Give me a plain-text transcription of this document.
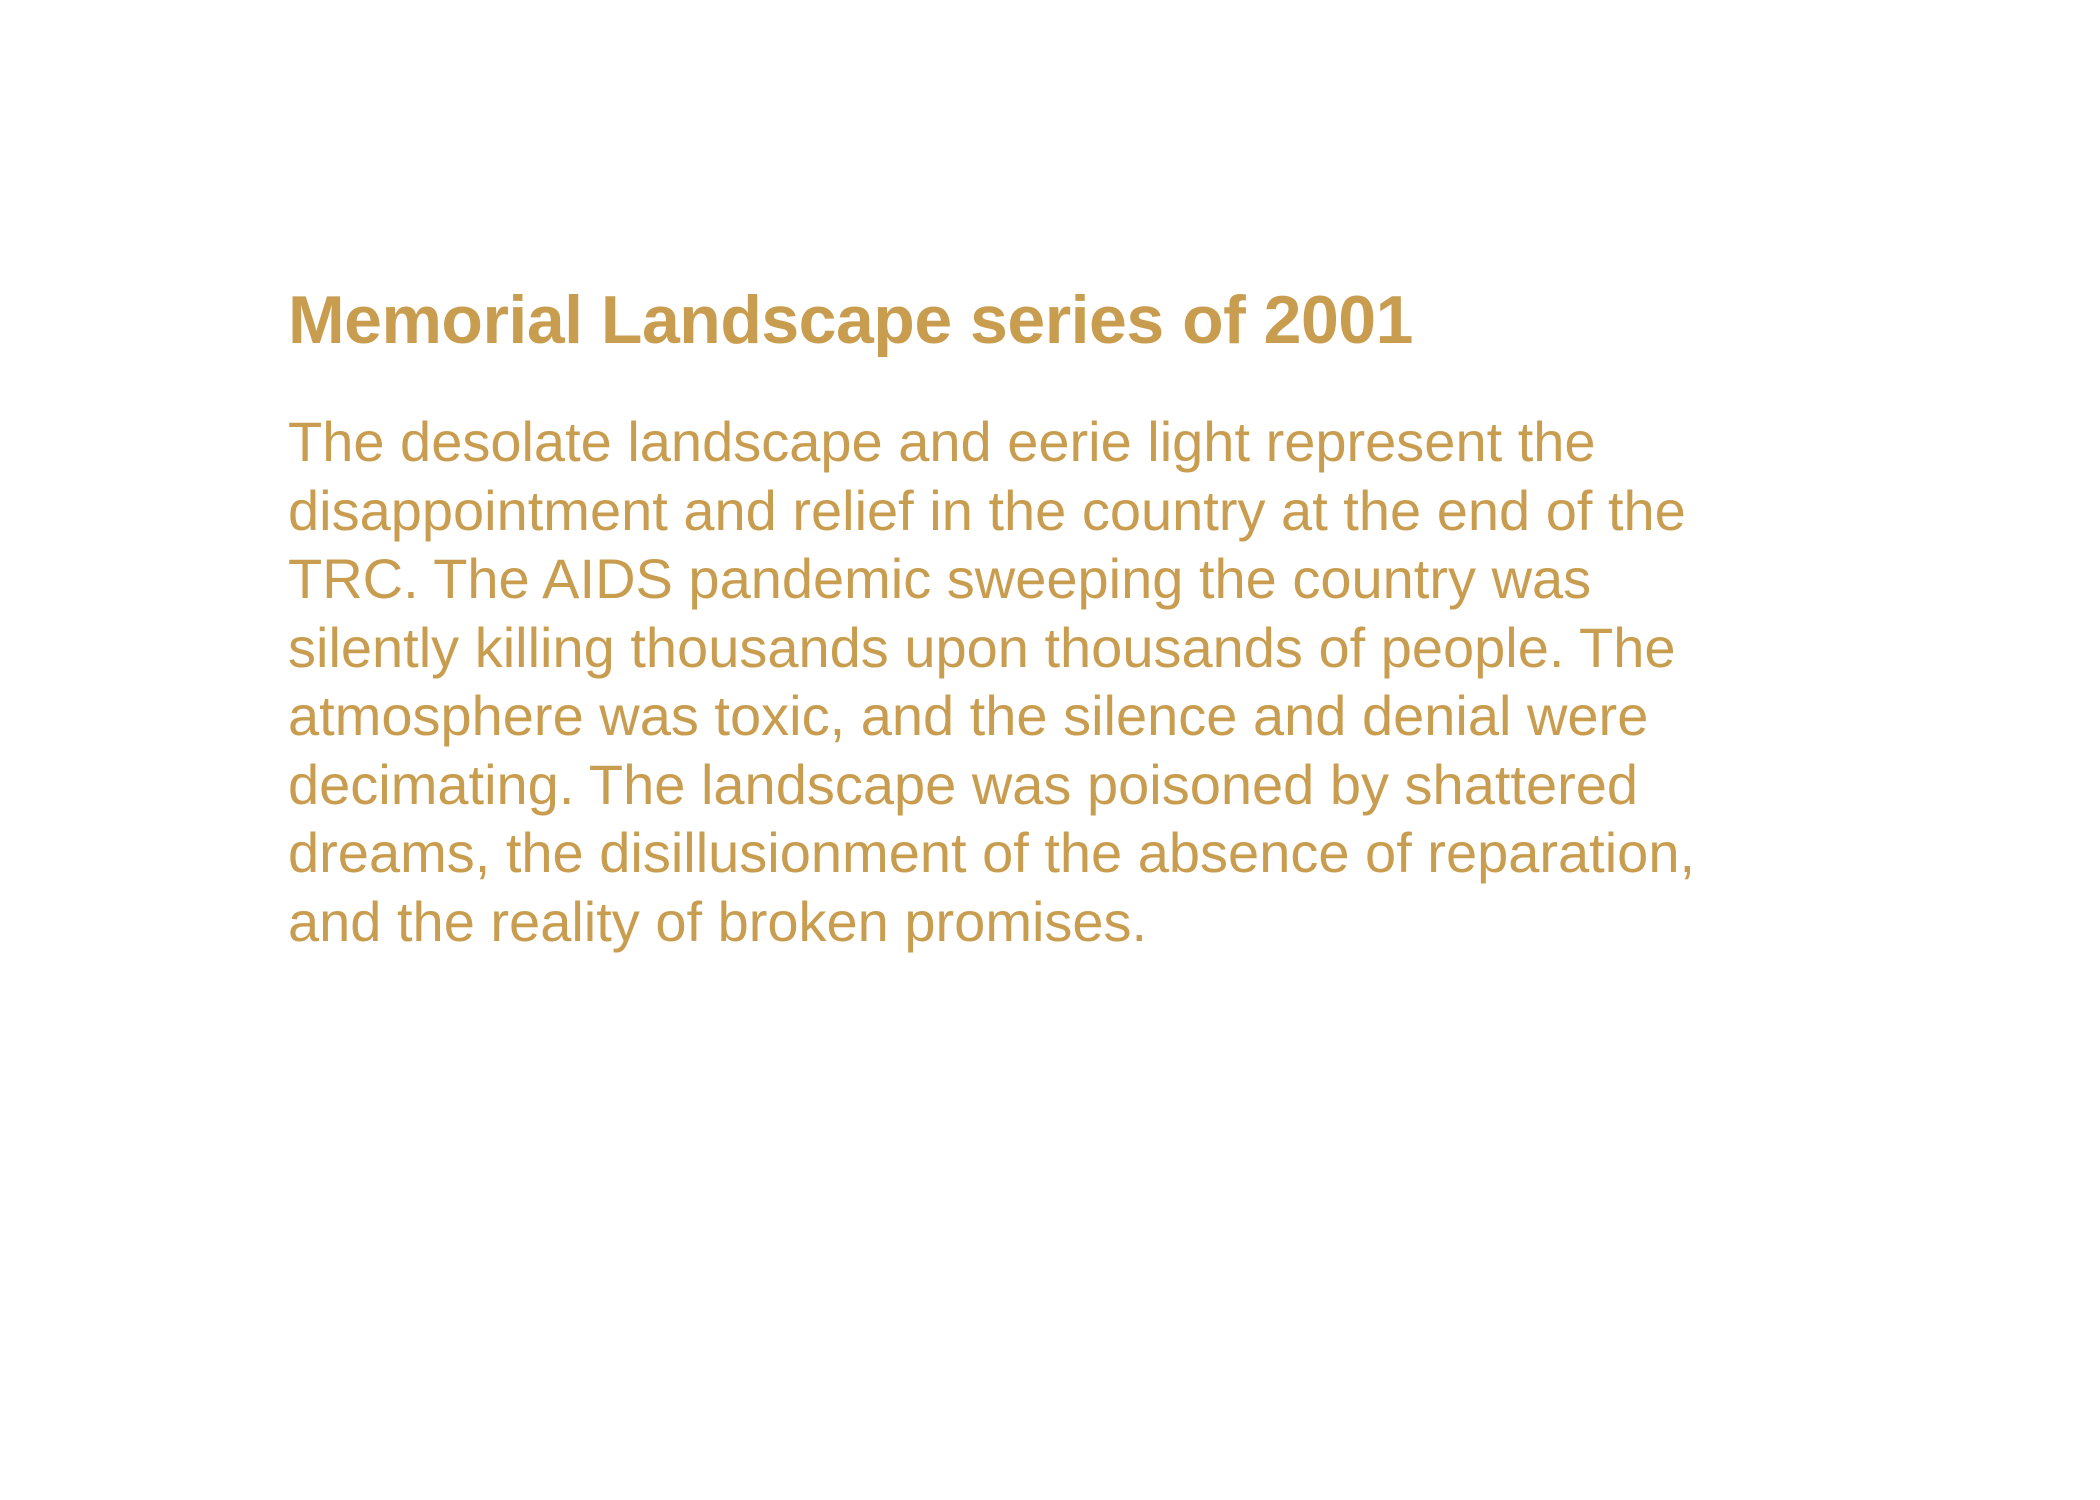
Memorial Landscape series of 2001
The desolate landscape and eerie light represent the
disappointment and relief in the country at the end of the
TRC. The AIDS pandemic sweeping the country was
silently killing thousands upon thousands of people. The
atmosphere was toxic, and the silence and denial were
decimating. The landscape was poisoned by shattered
dreams, the disillusionment of the absence of reparation,
and the reality of broken promises.
